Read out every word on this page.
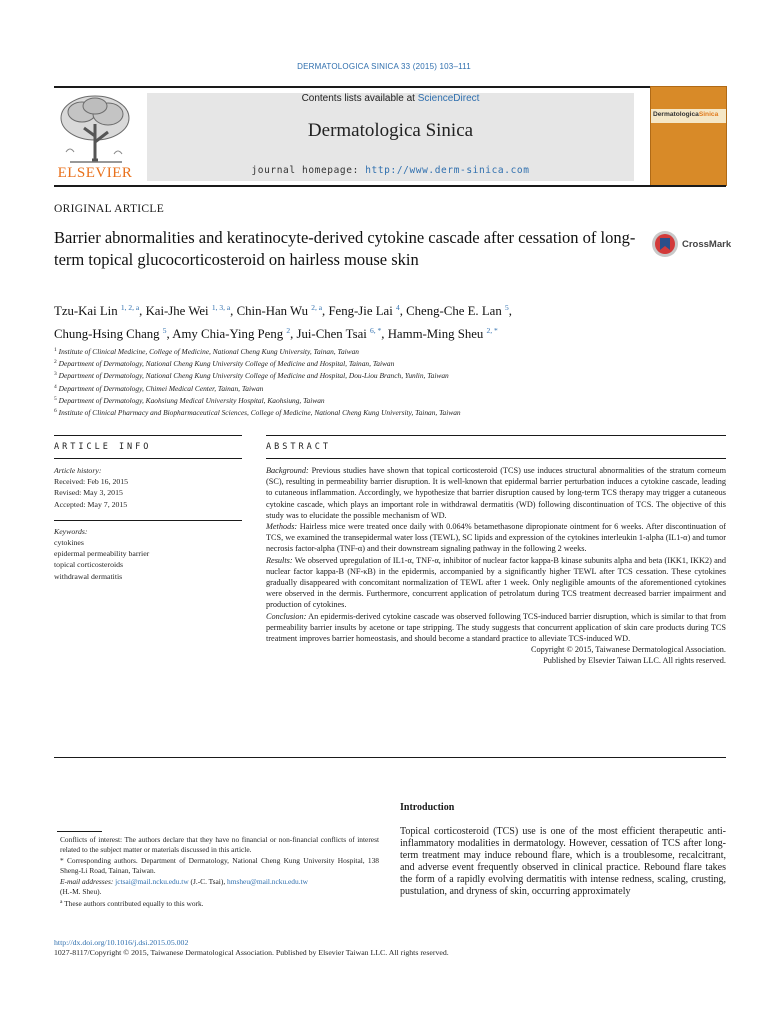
DERMATOLOGICA SINICA 33 (2015) 103–111
ELSEVIER
Contents lists available at ScienceDirect
Dermatologica Sinica
journal homepage: http://www.derm-sinica.com
DermatologicaSinica
ORIGINAL ARTICLE
Barrier abnormalities and keratinocyte-derived cytokine cascade after cessation of long-term topical glucocorticosteroid on hairless mouse skin
CrossMark
Tzu-Kai Lin $^{1, 2, a}$, Kai-Jhe Wei $^{1, 3, a}$, Chin-Han Wu $^{2, a}$, Feng-Jie Lai $^4$, Cheng-Che E. Lan $^5$,
Chung-Hsing Chang $^5$, Amy Chia-Ying Peng $^2$, Jui-Chen Tsai $^{6, *}$, Hamm-Ming Sheu $^{2, *}$
$^1$ Institute of Clinical Medicine, College of Medicine, National Cheng Kung University, Tainan, Taiwan
$^2$ Department of Dermatology, National Cheng Kung University College of Medicine and Hospital, Tainan, Taiwan
$^3$ Department of Dermatology, National Cheng Kung University College of Medicine and Hospital, Dou-Liou Branch, Yunlin, Taiwan
$^4$ Department of Dermatology, Chimei Medical Center, Tainan, Taiwan
$^5$ Department of Dermatology, Kaohsiung Medical University Hospital, Kaohsiung, Taiwan
$^6$ Institute of Clinical Pharmacy and Biopharmaceutical Sciences, College of Medicine, National Cheng Kung University, Tainan, Taiwan
ARTICLE INFO	ABSTRACT
Article history:
Received: Feb 16, 2015
Revised: May 3, 2015
Accepted: May 7, 2015
Keywords:
cytokines
epidermal permeability barrier
topical corticosteroids
withdrawal dermatitis

Background: Previous studies have shown that topical corticosteroid (TCS) use induces structural abnormalities of the stratum corneum (SC), resulting in permeability barrier disruption. It is well-known that epidermal barrier perturbation induces a cytokine cascade, leading to cutaneous inflammation. Accordingly, we hypothesize that barrier disruption caused by long-term TCS therapy may trigger a cutaneous cytokine cascade, which plays an important role in withdrawal dermatitis (WD) following discontinuation of TCS. The objective of this study was to elucidate the possible mechanism of WD.

Methods: Hairless mice were treated once daily with 0.064% betamethasone dipropionate ointment for 6 weeks. After discontinuation of TCS, we examined the transepidermal water loss (TEWL), SC lipids and expression of the cytokines interleukin 1-alpha (IL1-α) and tumor necrosis factor-alpha (TNF-α) and their downstream signaling pathway in the following 2 weeks.

Results: We observed upregulation of IL1-α, TNF-α, inhibitor of nuclear factor kappa-B kinase subunits alpha and beta (IKK1, IKK2) and nuclear factor kappa-B (NF-κB) in the epidermis, accompanied by a significantly higher TEWL after TCS cessation. These cytokines gradually disappeared with concomitant normalization of TEWL after 1 week. Only negligible amounts of the aforementioned cytokines were observed in the dermis. Furthermore, concurrent application of petrolatum during TCS treatment decreased barrier impairment and production of cytokines.

Conclusion: An epidermis-derived cytokine cascade was observed following TCS-induced barrier disruption, which is similar to that from permeability barrier insults by acetone or tape stripping. The study suggests that concurrent application of skin care products during TCS treatment improves barrier homeostasis, and should become a standard practice to alleviate TCS-induced WD.

Copyright © 2015, Taiwanese Dermatological Association.

Published by Elsevier Taiwan LLC. All rights reserved.

Introduction
Topical corticosteroid (TCS) use is one of the most efficient therapeutic anti-inflammatory modalities in dermatology. However, cessation of TCS after long-term treatment may induce rebound flare, which is a troublesome, recalcitrant, and adverse event frequently observed in clinical practice. Rebound flare takes the form of a rapidly evolving dermatitis with intense redness, scaling, crusting, pustulation, and dryness of skin, occurring approximately
Conflicts of interest: The authors declare that they have no financial or non-financial conflicts of interest related to the subject matter or materials discussed in this article.
* Corresponding authors. Department of Dermatology, National Cheng Kung University Hospital, 138 Sheng-Li Road, Tainan, Taiwan.
E-mail addresses: jctsai@mail.ncku.edu.tw (J.-C. Tsai), hmsheu@mail.ncku.edu.tw
(H.-M. Sheu).
$^a$ These authors contributed equally to this work.
http://dx.doi.org/10.1016/j.dsi.2015.05.002
1027-8117/Copyright © 2015, Taiwanese Dermatological Association. Published by Elsevier Taiwan LLC. All rights reserved.
